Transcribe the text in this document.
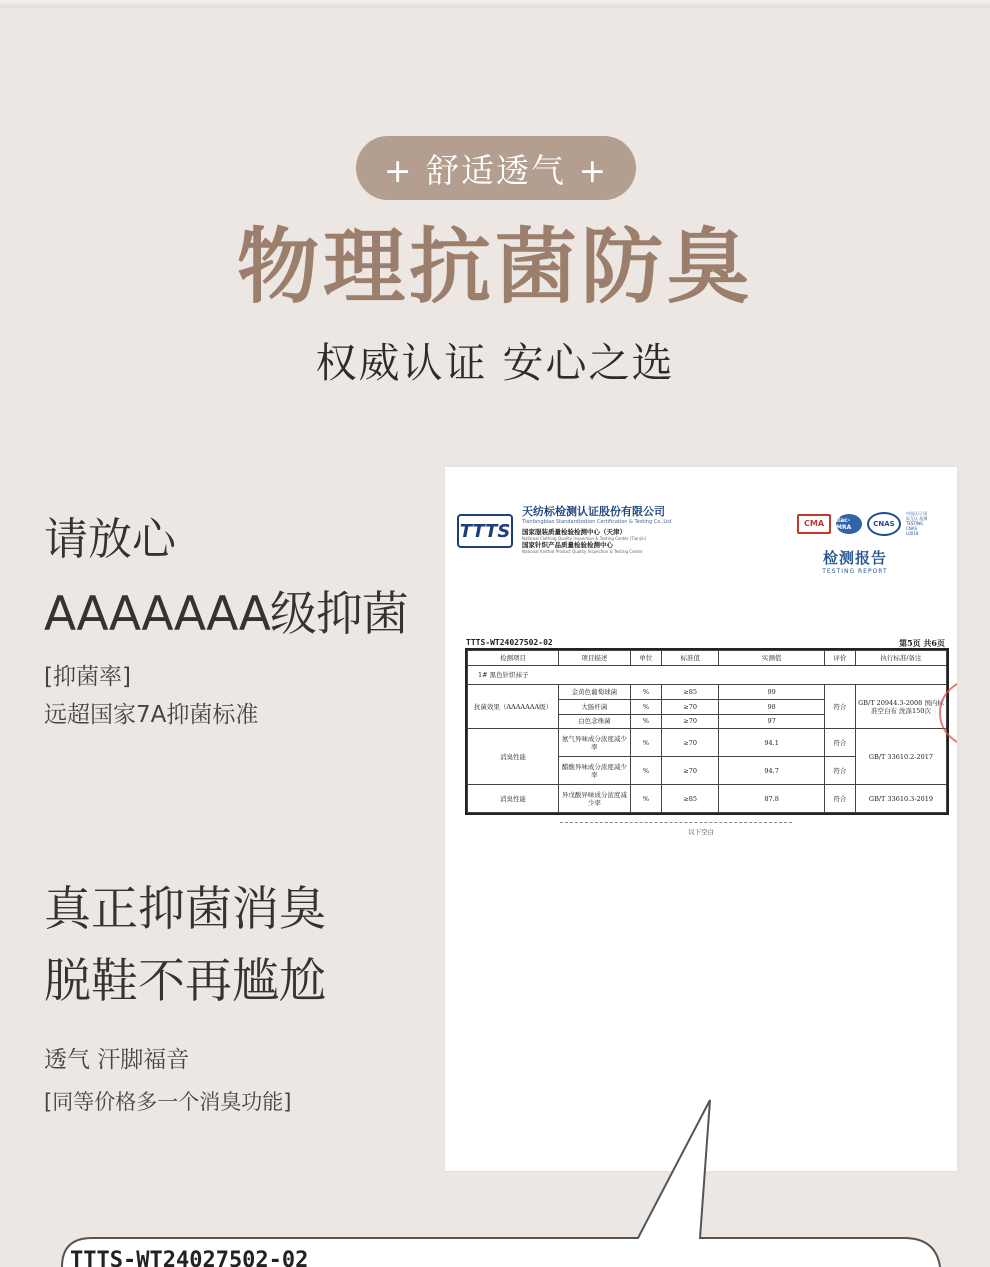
+ 舒适透气 +
物理抗菌防臭
权威认证 安心之选
请放心
AAAAAAA级抑菌
[抑菌率]
远超国家7A抑菌标准
真正抑菌消臭
脱鞋不再尴尬
透气 汗脚福音
[同等价格多一个消臭功能]
TTTS
天纺标检测认证股份有限公司
Tianfangbiao Standardization Certification & Testing Co.,Ltd.
国家服装质量检验检测中心（天津）
National Clothing Quality Inspection & Testing Center (Tianjin)
国家针织产品质量检验检测中心
National Knitted Product Quality Inspection & Testing Center
CMA	ilac-MRA	CNAS
中国认可 国际互认 检测 TESTING CNAS L0018
检测报告
TESTING REPORT
TTTS-WT24027502-02	第5页 共6页
检测项目	项目描述	单位	标准值	实测值	评价	执行标准/备注
1# 黑色针织袜子						
抗菌效果（AAAAAAA级）	金黄色葡萄球菌	%	≥85	99	符合	GB/T 20944.3-2008 国内标准空白布 洗涤150次
	大肠杆菌	%	≥70	98		
	白色念珠菌	%	≥70	97		
消臭性能	氨气异味成分浓度减少率	%	≥70	94.1	符合	GB/T 33610.2-2017
	醋酸异味成分浓度减少率	%	≥70	94.7	符合	
消臭性能	异戊酸异味成分浓度减少率	%	≥85	87.8	符合	GB/T 33610.3-2019
以下空白
TTTS-WT24027502-02
